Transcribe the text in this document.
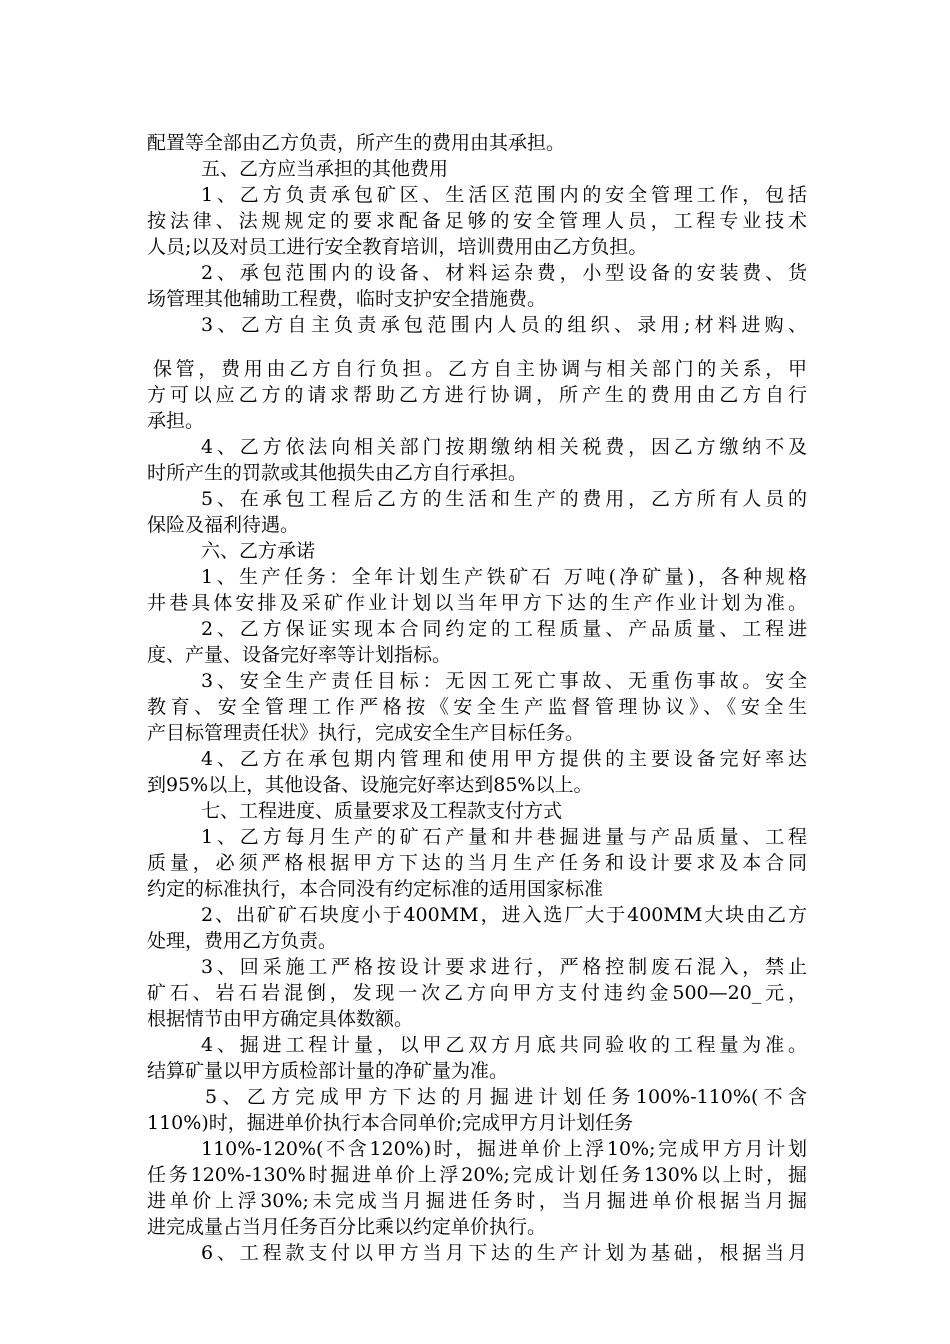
配置等全部由乙方负责，所产生的费用由其承担。
五、乙方应当承担的其他费用
1、乙方负责承包矿区、生活区范围内的安全管理工作，包括
按法律、法规规定的要求配备足够的安全管理人员，工程专业技术
人员;以及对员工进行安全教育培训，培训费用由乙方负担。
2、承包范围内的设备、材料运杂费，小型设备的安装费、货
场管理其他辅助工程费，临时支护安全措施费。
3、乙方自主负责承包范围内人员的组织、录用;材料进购、
保管，费用由乙方自行负担。乙方自主协调与相关部门的关系，甲
方可以应乙方的请求帮助乙方进行协调，所产生的费用由乙方自行
承担。
4、乙方依法向相关部门按期缴纳相关税费，因乙方缴纳不及
时所产生的罚款或其他损失由乙方自行承担。
5、在承包工程后乙方的生活和生产的费用，乙方所有人员的
保险及福利待遇。
六、乙方承诺
1、生产任务：全年计划生产铁矿石 万吨(净矿量)，各种规格
井巷具体安排及采矿作业计划以当年甲方下达的生产作业计划为准。
2、乙方保证实现本合同约定的工程质量、产品质量、工程进
度、产量、设备完好率等计划指标。
3、安全生产责任目标：无因工死亡事故、无重伤事故。安全
教育、安全管理工作严格按《安全生产监督管理协议》、《安全生
产目标管理责任状》执行，完成安全生产目标任务。
4、乙方在承包期内管理和使用甲方提供的主要设备完好率达
到95%以上，其他设备、设施完好率达到85%以上。
七、工程进度、质量要求及工程款支付方式
1、乙方每月生产的矿石产量和井巷掘进量与产品质量、工程
质量，必须严格根据甲方下达的当月生产任务和设计要求及本合同
约定的标准执行，本合同没有约定标准的适用国家标准
2、出矿矿石块度小于400MM，进入选厂大于400MM大块由乙方
处理，费用乙方负责。
3、回采施工严格按设计要求进行，严格控制废石混入，禁止
矿石、岩石岩混倒，发现一次乙方向甲方支付违约金500—20_元，
根据情节由甲方确定具体数额。
4、掘进工程计量，以甲乙双方月底共同验收的工程量为准。
结算矿量以甲方质检部计量的净矿量为准。
5、乙方完成甲方下达的月掘进计划任务100%-110%(不含
110%)时，掘进单价执行本合同单价;完成甲方月计划任务
110%-120%(不含120%)时，掘进单价上浮10%;完成甲方月计划
任务120%-130%时掘进单价上浮20%;完成计划任务130%以上时，掘
进单价上浮30%;未完成当月掘进任务时，当月掘进单价根据当月掘
进完成量占当月任务百分比乘以约定单价执行。
6、工程款支付以甲方当月下达的生产计划为基础，根据当月
